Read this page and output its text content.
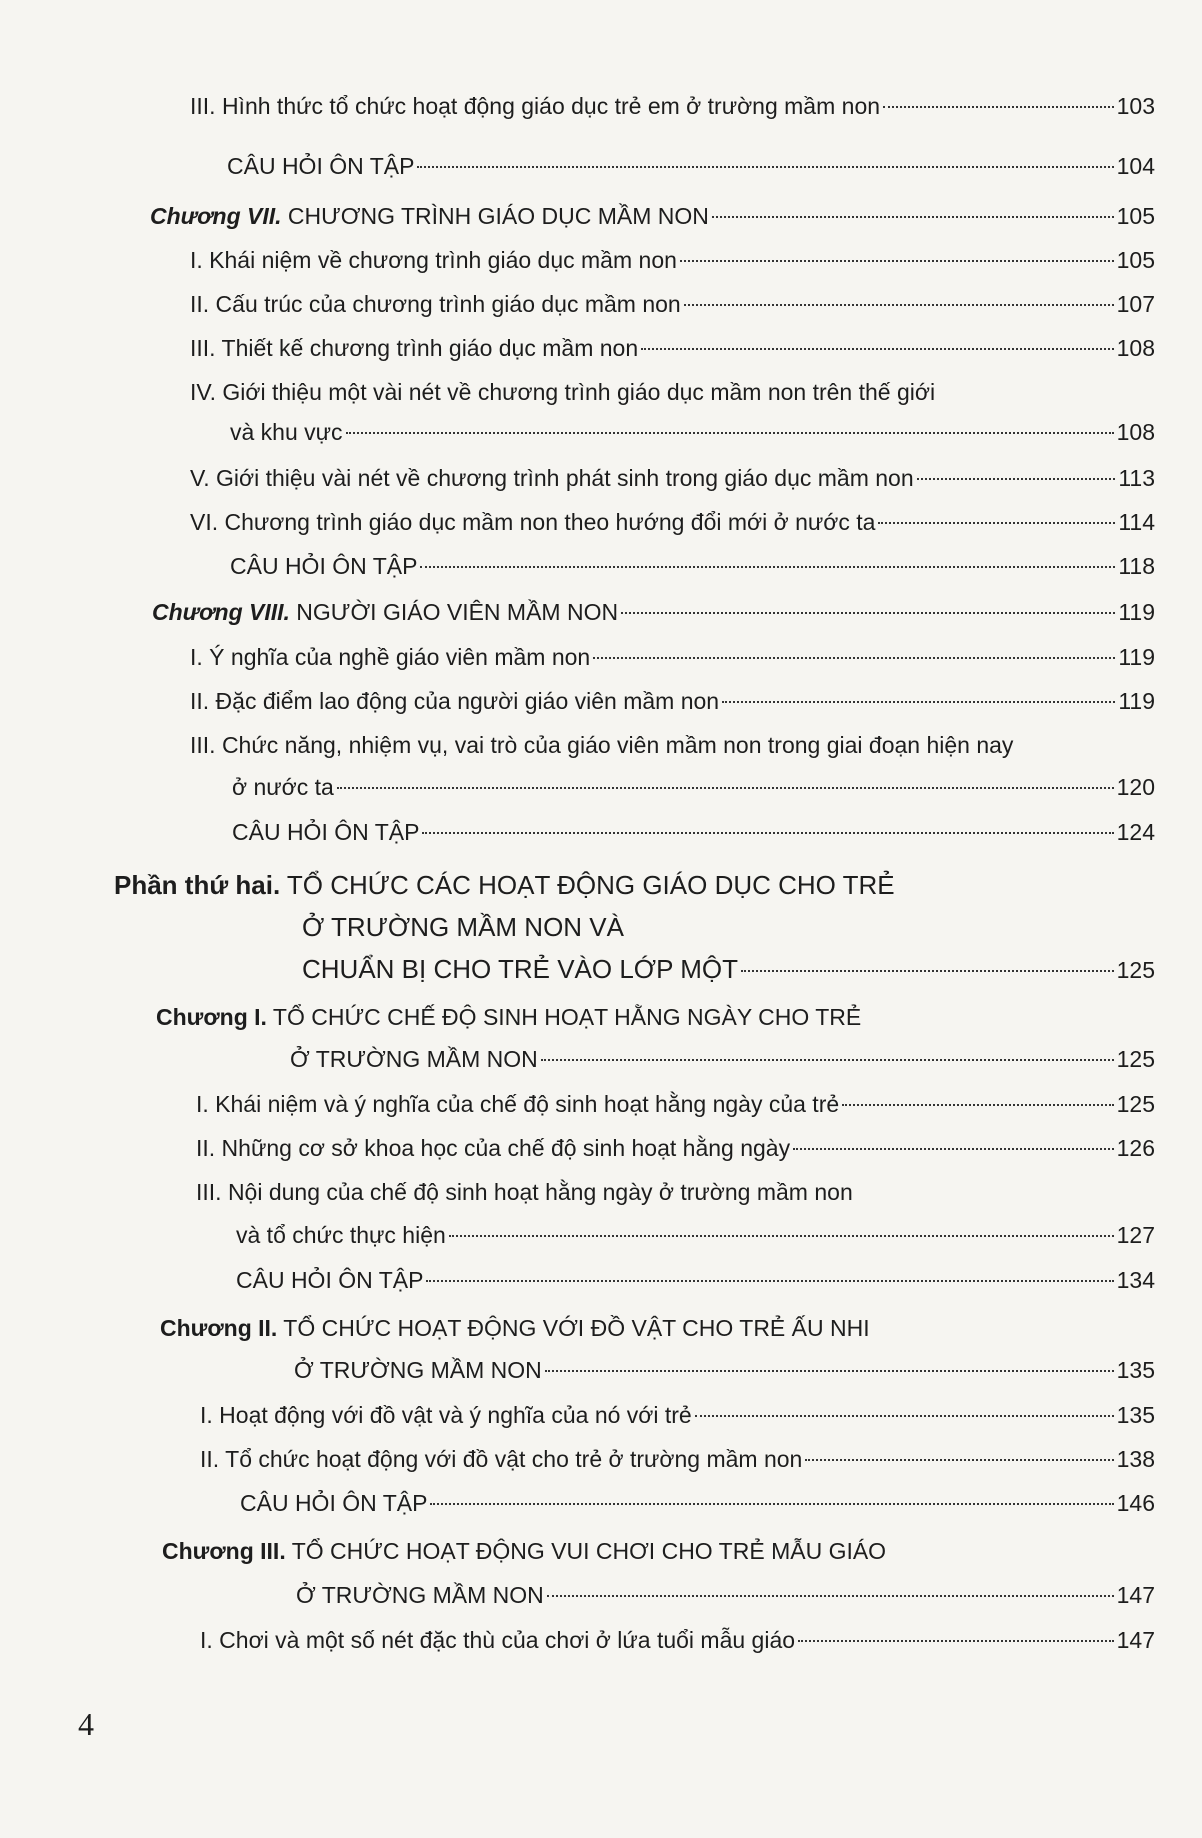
III. Hình thức tổ chức hoạt động giáo dục trẻ em ở trường mầm non	103
CÂU HỎI ÔN TẬP	104
Chương VII. CHƯƠNG TRÌNH GIÁO DỤC MẦM NON	105
I. Khái niệm về chương trình giáo dục mầm non	105
II. Cấu trúc của chương trình giáo dục mầm non	107
III. Thiết kế chương trình giáo dục mầm non	108
IV. Giới thiệu một vài nét về chương trình giáo dục mầm non trên thế giới
và khu vực	108
V. Giới thiệu vài nét về chương trình phát sinh trong giáo dục mầm non	113
VI. Chương trình giáo dục mầm non theo hướng đổi mới ở nước ta	114
CÂU HỎI ÔN TẬP	118
Chương VIII. NGƯỜI GIÁO VIÊN MẦM NON	119
I. Ý nghĩa của nghề giáo viên mầm non	119
II. Đặc điểm lao động của người giáo viên mầm non	119
III. Chức năng, nhiệm vụ, vai trò của giáo viên mầm non trong giai đoạn hiện nay
ở nước ta	120
CÂU HỎI ÔN TẬP	124
Phần thứ hai. TỔ CHỨC CÁC HOẠT ĐỘNG GIÁO DỤC CHO TRẺ
Ở TRƯỜNG MẦM NON VÀ
CHUẨN BỊ CHO TRẺ VÀO LỚP MỘT	125
Chương I. TỔ CHỨC CHẾ ĐỘ SINH HOẠT HẰNG NGÀY CHO TRẺ
Ở TRƯỜNG MẦM NON	125
I. Khái niệm và ý nghĩa của chế độ sinh hoạt hằng ngày của trẻ	125
II. Những cơ sở khoa học của chế độ sinh hoạt hằng ngày	126
III. Nội dung của chế độ sinh hoạt hằng ngày ở trường mầm non
và tổ chức thực hiện	127
CÂU HỎI ÔN TẬP	134
Chương II. TỔ CHỨC HOẠT ĐỘNG VỚI ĐỒ VẬT CHO TRẺ ẤU NHI
Ở TRƯỜNG MẦM NON	135
I. Hoạt động với đồ vật và ý nghĩa của nó với trẻ	135
II. Tổ chức hoạt động với đồ vật cho trẻ ở trường mầm non	138
CÂU HỎI ÔN TẬP	146
Chương III. TỔ CHỨC HOẠT ĐỘNG VUI CHƠI CHO TRẺ MẪU GIÁO
Ở TRƯỜNG MẦM NON	147
I. Chơi và một số nét đặc thù của chơi ở lứa tuổi mẫu giáo	147
4
